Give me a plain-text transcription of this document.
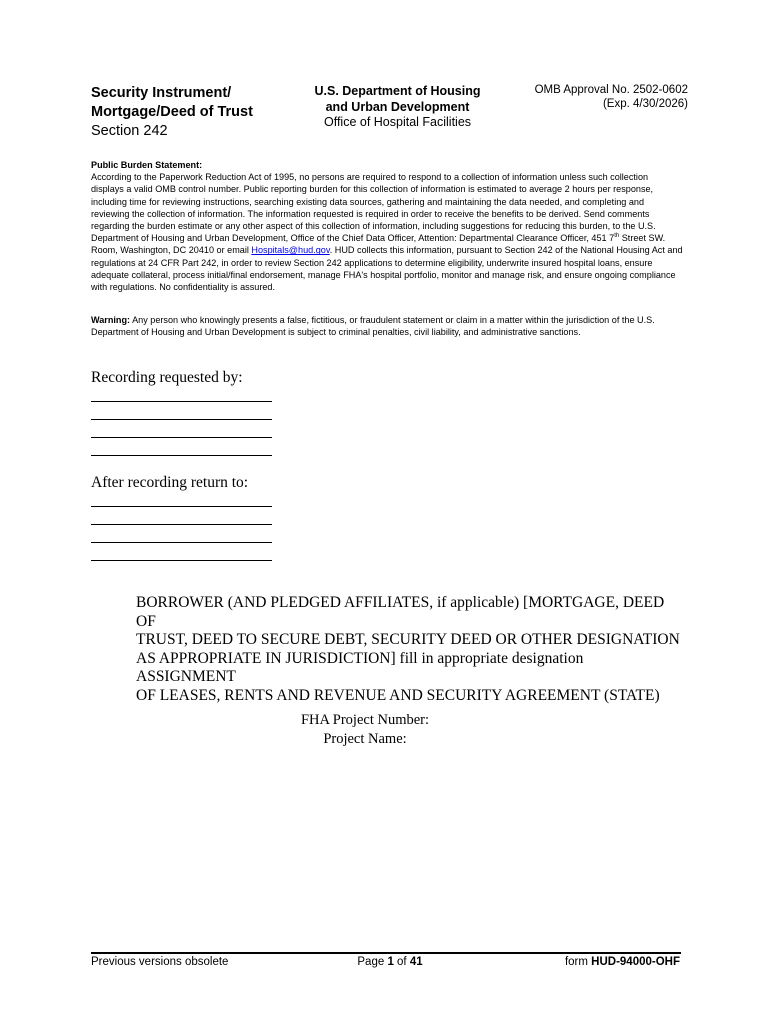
Security Instrument/
Mortgage/Deed of Trust
Section 242
U.S. Department of Housing
and Urban Development
Office of Hospital Facilities
OMB Approval No. 2502-0602
(Exp. 4/30/2026)
Public Burden Statement:
According to the Paperwork Reduction Act of 1995, no persons are required to respond to a collection of information unless such collection displays a valid OMB control number. Public reporting burden for this collection of information is estimated to average 2 hours per response, including time for reviewing instructions, searching existing data sources, gathering and maintaining the data needed, and completing and reviewing the collection of information. The information requested is required in order to receive the benefits to be derived. Send comments regarding the burden estimate or any other aspect of this collection of information, including suggestions for reducing this burden, to the U.S. Department of Housing and Urban Development, Office of the Chief Data Officer, Attention: Departmental Clearance Officer, 451 7th Street SW. Room, Washington, DC 20410 or email Hospitals@hud.gov. HUD collects this information, pursuant to Section 242 of the National Housing Act and regulations at 24 CFR Part 242, in order to review Section 242 applications to determine eligibility, underwrite insured hospital loans, ensure adequate collateral, process initial/final endorsement, manage FHA's hospital portfolio, monitor and manage risk, and ensure ongoing compliance with regulations. No confidentiality is assured.
Warning: Any person who knowingly presents a false, fictitious, or fraudulent statement or claim in a matter within the jurisdiction of the U.S. Department of Housing and Urban Development is subject to criminal penalties, civil liability, and administrative sanctions.
Recording requested by:
After recording return to:
BORROWER (AND PLEDGED AFFILIATES, if applicable) [MORTGAGE, DEED OF
TRUST, DEED TO SECURE DEBT, SECURITY DEED OR OTHER DESIGNATION
AS APPROPRIATE IN JURISDICTION] fill in appropriate designation ASSIGNMENT
OF LEASES, RENTS AND REVENUE AND SECURITY AGREEMENT (STATE)
FHA Project Number:
Project Name:
Previous versions obsolete	Page 1 of 41	form HUD-94000-OHF
